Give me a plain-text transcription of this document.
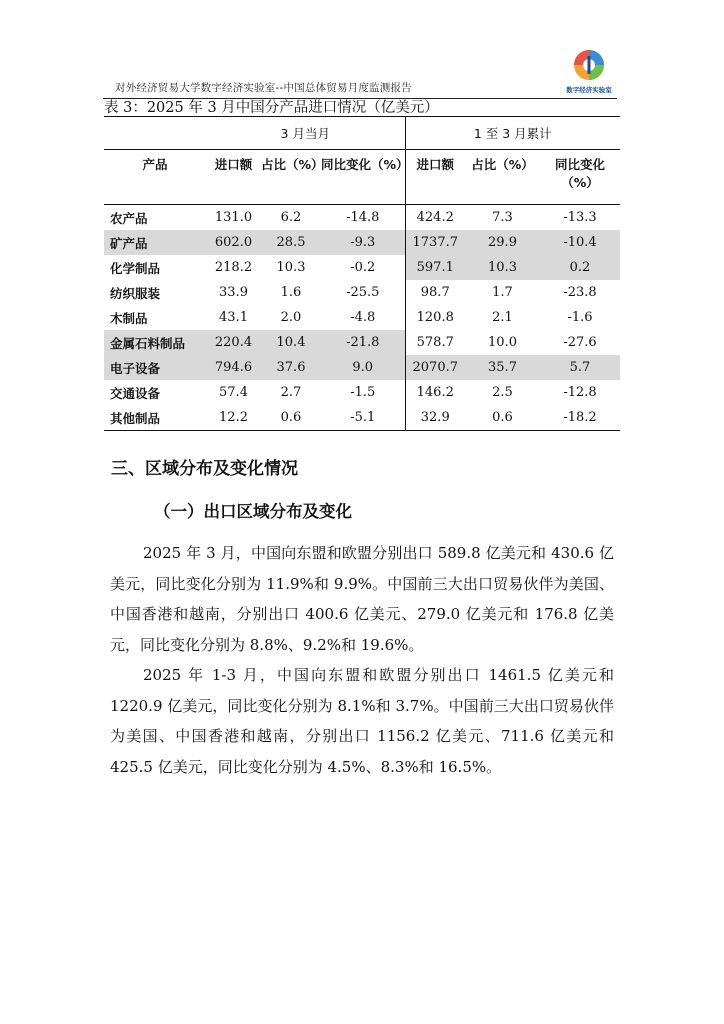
对外经济贸易大学数字经济实验室--中国总体贸易月度监测报告	数字经济实验室
表 3：2025 年 3 月中国分产品进口情况（亿美元）
	3 月当月			1 至 3 月累计		
产品	进口额	占比（%）	同比变化（%）	进口额	占比（%）	同比变化（%）
农产品	131.0	6.2	-14.8	424.2	7.3	-13.3
矿产品	602.0	28.5	-9.3	1737.7	29.9	-10.4
化学制品	218.2	10.3	-0.2	597.1	10.3	0.2
纺织服装	33.9	1.6	-25.5	98.7	1.7	-23.8
木制品	43.1	2.0	-4.8	120.8	2.1	-1.6
金属石料制品	220.4	10.4	-21.8	578.7	10.0	-27.6
电子设备	794.6	37.6	9.0	2070.7	35.7	5.7
交通设备	57.4	2.7	-1.5	146.2	2.5	-12.8
其他制品	12.2	0.6	-5.1	32.9	0.6	-18.2
三、区域分布及变化情况
（一）出口区域分布及变化

2025 年 3 月，中国向东盟和欧盟分别出口 589.8 亿美元和 430.6 亿美元，同比变化分别为 11.9%和 9.9%。中国前三大出口贸易伙伴为美国、中国香港和越南，分别出口 400.6 亿美元、279.0 亿美元和 176.8 亿美元，同比变化分别为 8.8%、9.2%和 19.6%。

2025 年 1-3 月，中国向东盟和欧盟分别出口 1461.5 亿美元和 1220.9 亿美元，同比变化分别为 8.1%和 3.7%。中国前三大出口贸易伙伴为美国、中国香港和越南，分别出口 1156.2 亿美元、711.6 亿美元和 425.5 亿美元，同比变化分别为 4.5%、8.3%和 16.5%。
